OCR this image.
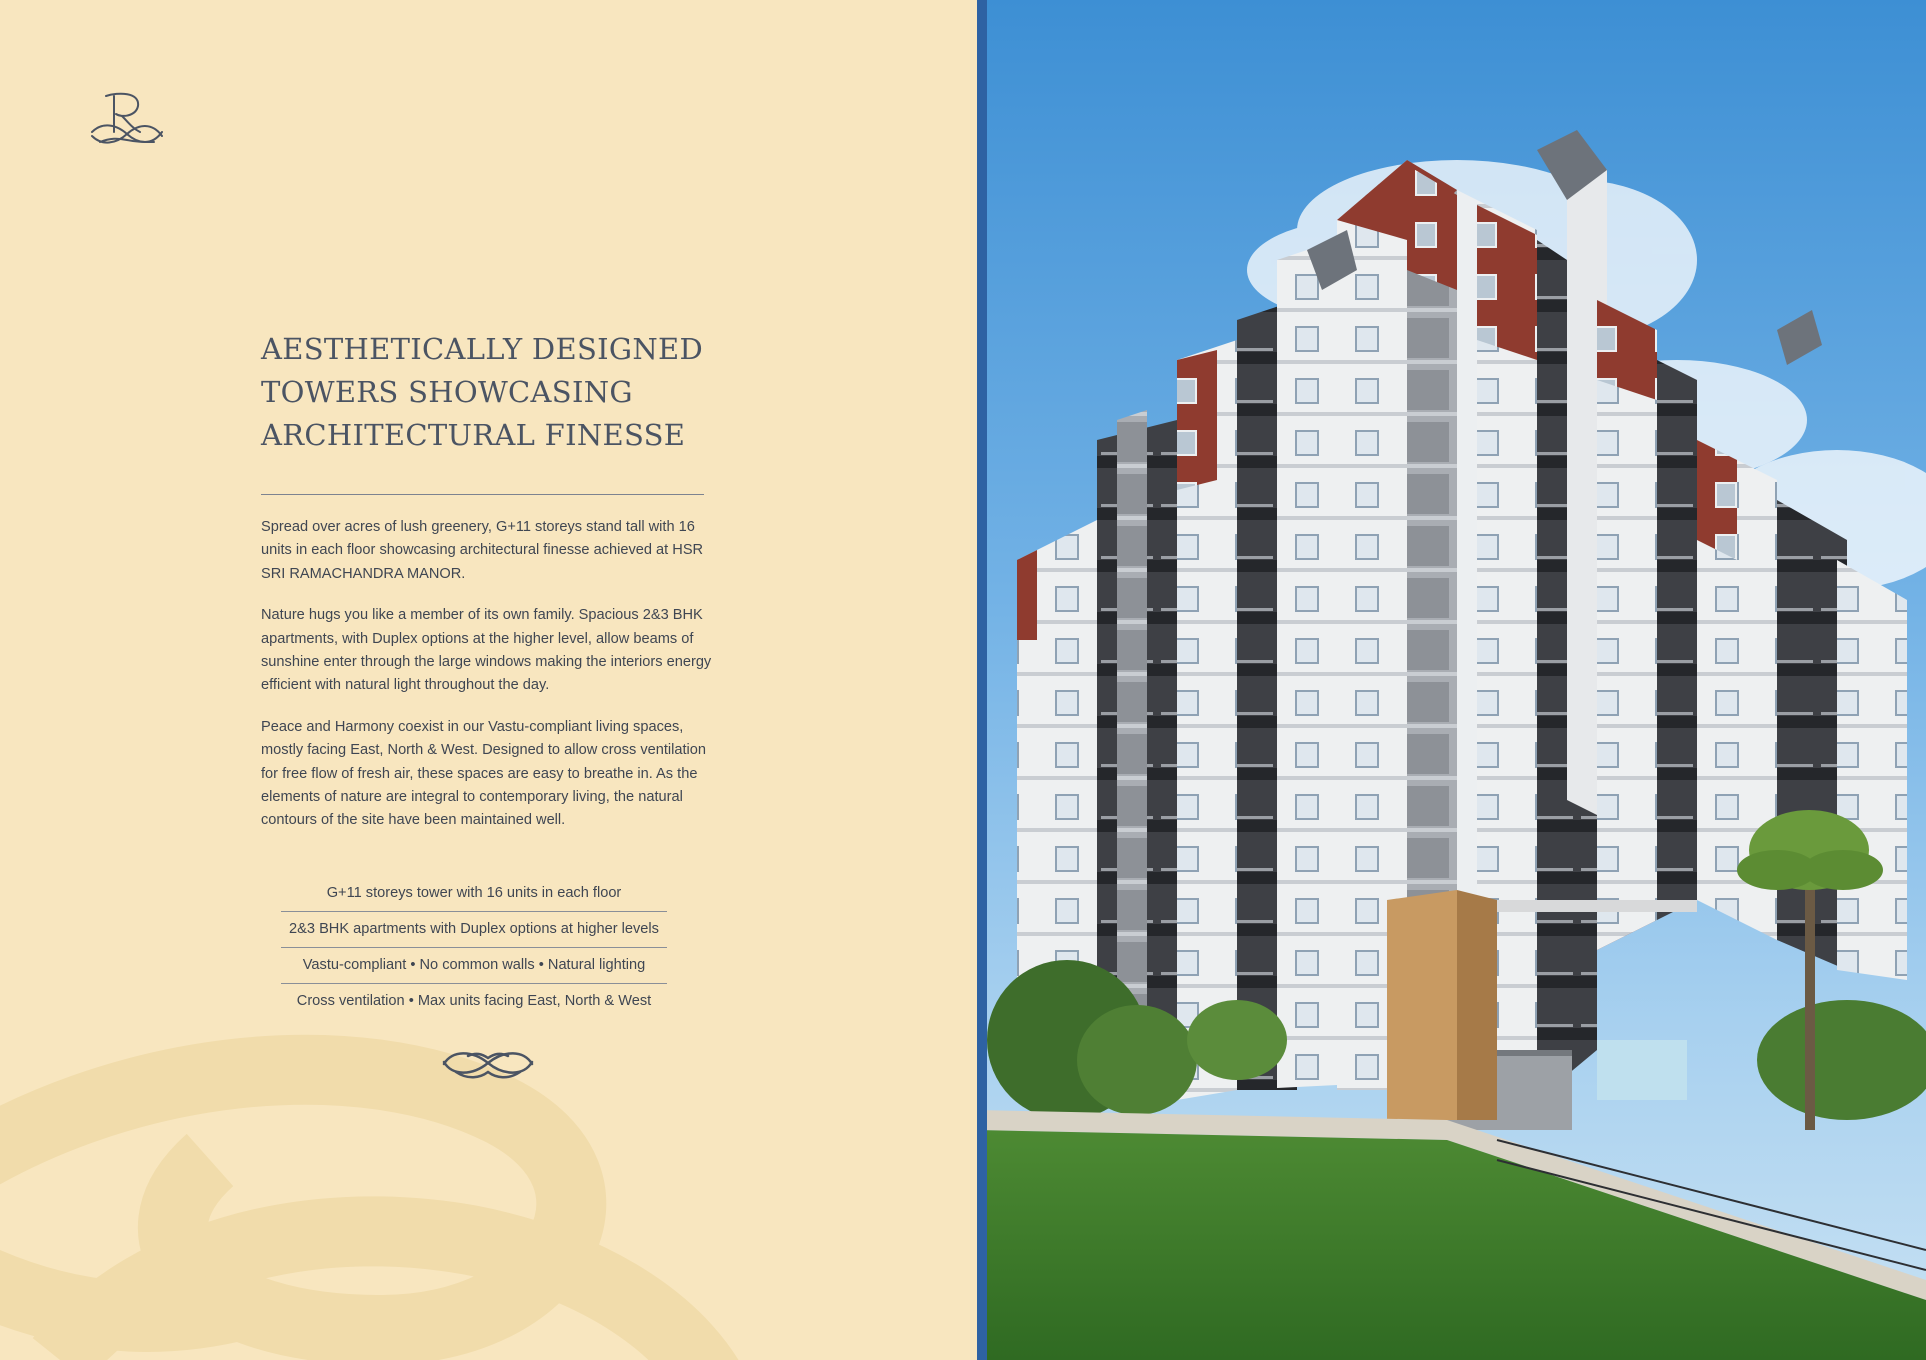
AESTHETICALLY DESIGNED
TOWERS SHOWCASING
ARCHITECTURAL FINESSE

Spread over acres of lush greenery, G+11 storeys stand tall with 16 units in each floor showcasing architectural finesse achieved at HSR SRI RAMACHANDRA MANOR.

Nature hugs you like a member of its own family. Spacious 2&3 BHK apartments, with Duplex options at the higher level, allow beams of sunshine enter through the large windows making the interiors energy efficient with natural light throughout the day.

Peace and Harmony coexist in our Vastu-compliant living spaces, mostly facing East, North & West. Designed to allow cross ventilation for free flow of fresh air, these spaces are easy to breathe in. As the elements of nature are integral to contemporary living, the natural contours of the site have been maintained well.

G+11 storeys tower with 16 units in each floor
2&3 BHK apartments with Duplex options at higher levels
Vastu-compliant • No common walls • Natural lighting
Cross ventilation • Max units facing East, North & West
